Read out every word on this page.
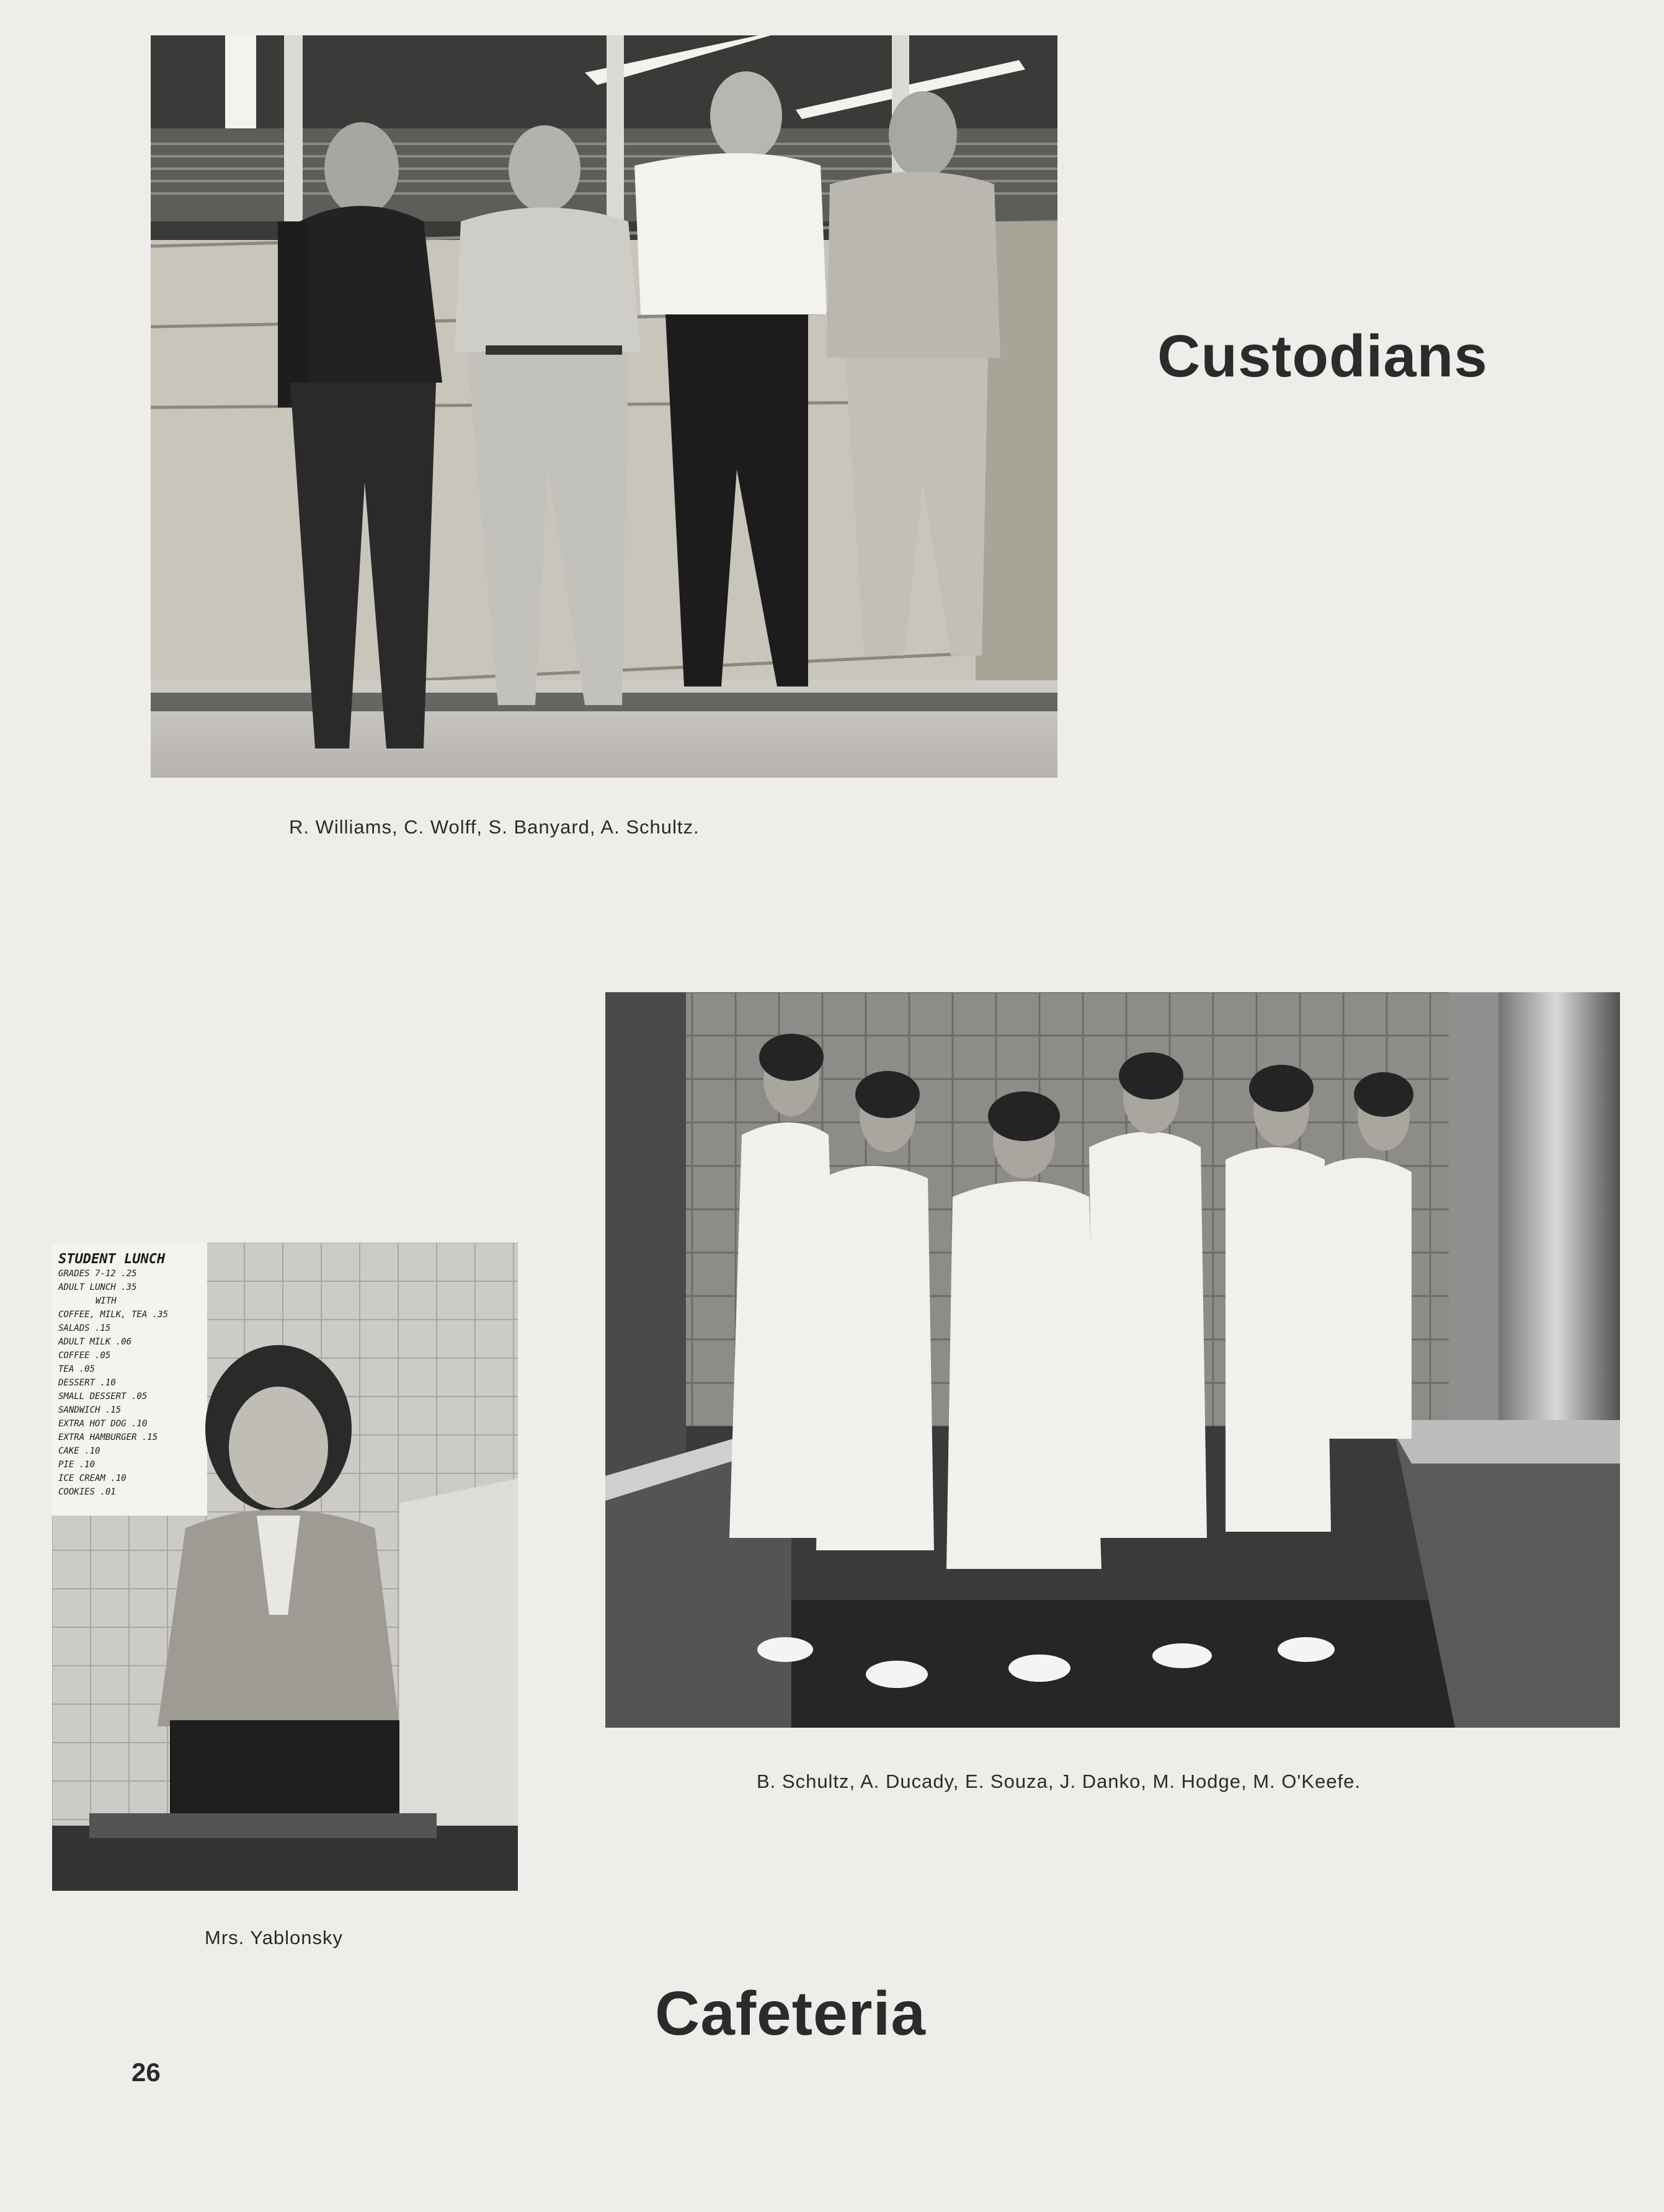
R. Williams, C. Wolff, S. Banyard, A. Schultz.
Custodians
B. Schultz, A. Ducady, E. Souza, J. Danko, M. Hodge, M. O'Keefe.
STUDENT LUNCH
GRADES 7-12 .25
ADULT LUNCH .35
WITH
COFFEE, MILK, TEA .35
SALADS .15
ADULT MILK .06
COFFEE .05
TEA .05
DESSERT .10
SMALL DESSERT .05
SANDWICH .15
EXTRA HOT DOG .10
EXTRA HAMBURGER .15
CAKE .10
PIE .10
ICE CREAM .10
COOKIES .01
Mrs. Yablonsky
Cafeteria
26
